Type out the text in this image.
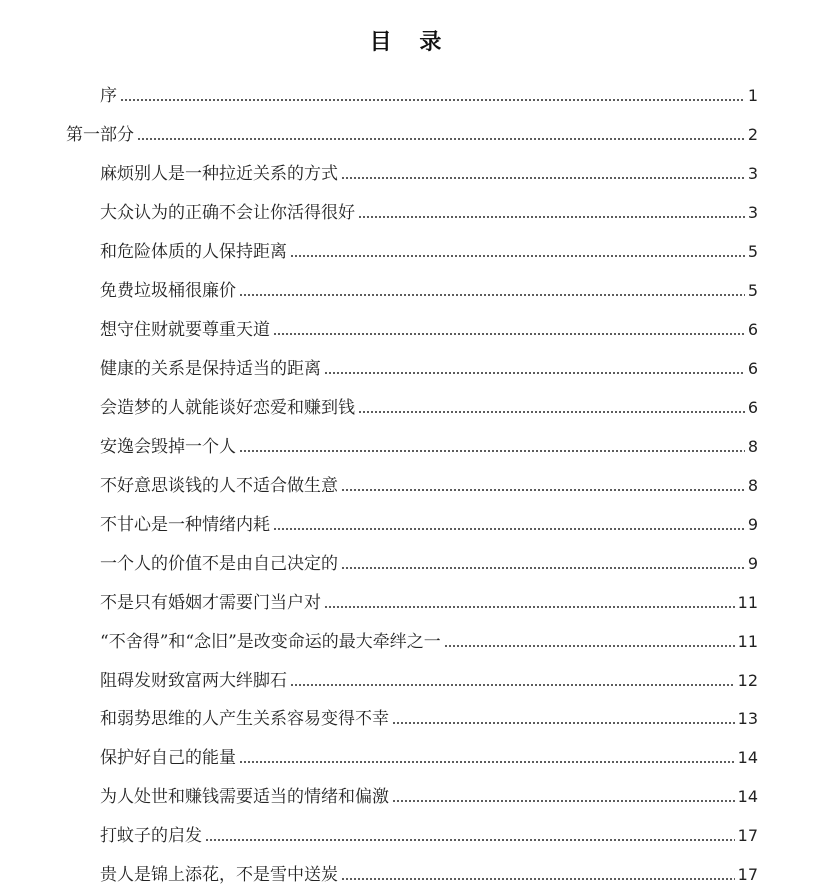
目 录
序	1
第一部分	2
麻烦别人是一种拉近关系的方式	3
大众认为的正确不会让你活得很好	3
和危险体质的人保持距离	5
免费垃圾桶很廉价	5
想守住财就要尊重天道	6
健康的关系是保持适当的距离	6
会造梦的人就能谈好恋爱和赚到钱	6
安逸会毁掉一个人	8
不好意思谈钱的人不适合做生意	8
不甘心是一种情绪内耗	9
一个人的价值不是由自己决定的	9
不是只有婚姻才需要门当户对	11
“不舍得”和“念旧”是改变命运的最大牵绊之一	11
阻碍发财致富两大绊脚石	12
和弱势思维的人产生关系容易变得不幸	13
保护好自己的能量	14
为人处世和赚钱需要适当的情绪和偏激	14
打蚊子的启发	17
贵人是锦上添花，不是雪中送炭	17
